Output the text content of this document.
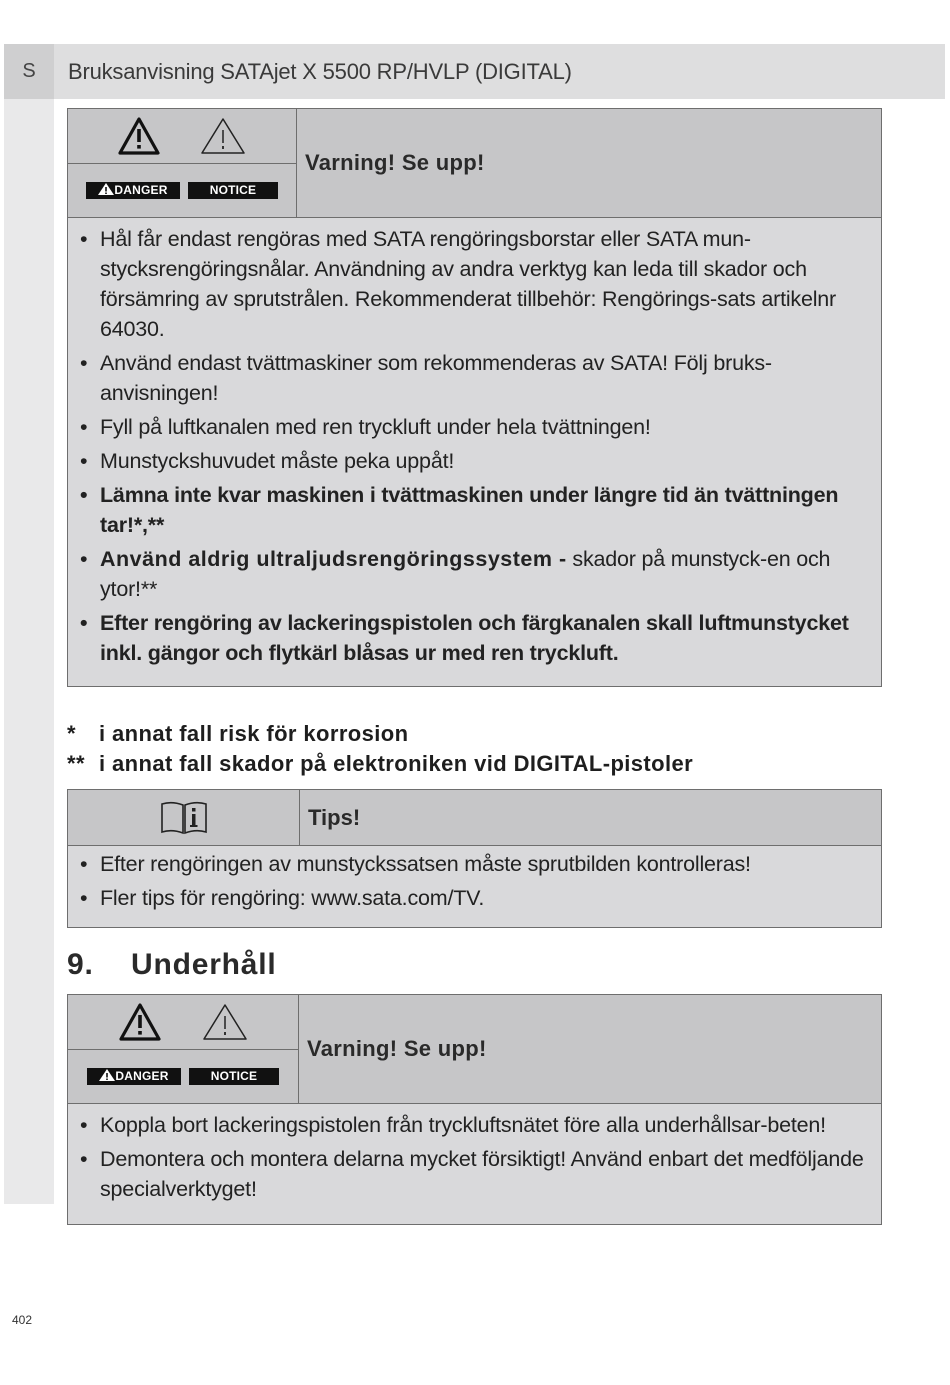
S	Bruksanvisning SATAjet X 5500 RP/HVLP (DIGITAL)
DANGER	NOTICE
Varning! Se upp!
• Hål får endast rengöras med SATA rengöringsborstar eller SATA mun-stycksrengöringsnålar. Användning av andra verktyg kan leda till skador och försämring av sprutstrålen. Rekommenderat tillbehör: Rengörings-sats artikelnr 64030.
• Använd endast tvättmaskiner som rekommenderas av SATA! Följ bruks-anvisningen!
• Fyll på luftkanalen med ren tryckluft under hela tvättningen!
• Munstyckshuvudet måste peka uppåt!
• Lämna inte kvar maskinen i tvättmaskinen under längre tid än tvättningen tar!*,**
• Använd aldrig ultraljudsrengöringssystem - skador på munstyck-en och ytor!**
• Efter rengöring av lackeringspistolen och färgkanalen skall luftmunstycket inkl. gängor och flytkärl blåsas ur med ren tryckluft.
* i annat fall risk för korrosion
** i annat fall skador på elektroniken vid DIGITAL-pistoler
Tips!
• Efter rengöringen av munstyckssatsen måste sprutbilden kontrolleras!
• Fler tips för rengöring: www.sata.com/TV.
9. Underhåll
DANGER	NOTICE
Varning! Se upp!
• Koppla bort lackeringspistolen från tryckluftsnätet före alla underhållsar-beten!
• Demontera och montera delarna mycket försiktigt! Använd enbart det medföljande specialverktyget!
402
